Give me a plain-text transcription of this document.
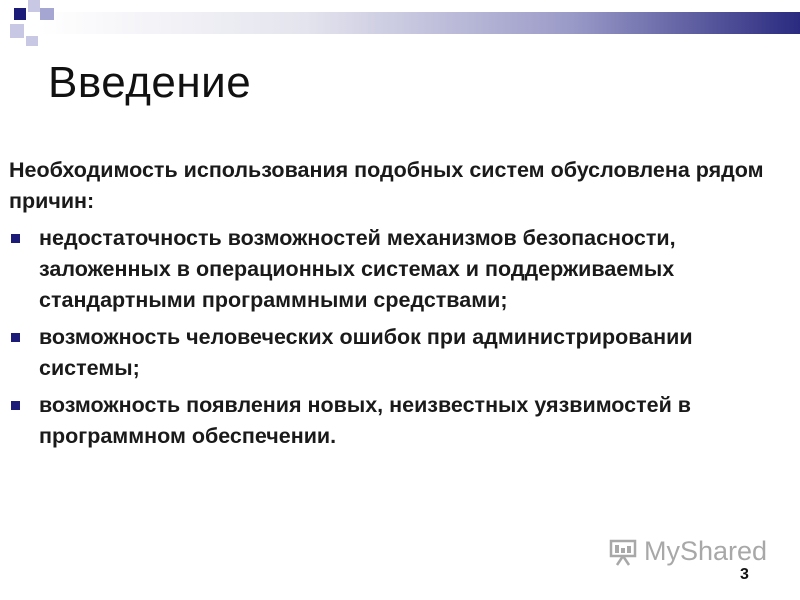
Введение
Необходимость использования подобных систем обусловлена рядом причин:
недостаточность возможностей механизмов безопасности, заложенных в операционных системах и поддерживаемых стандартными программными средствами;
возможность человеческих ошибок при администрировании системы;
возможность появления новых, неизвестных уязвимостей в программном обеспечении.
MyShared
3
